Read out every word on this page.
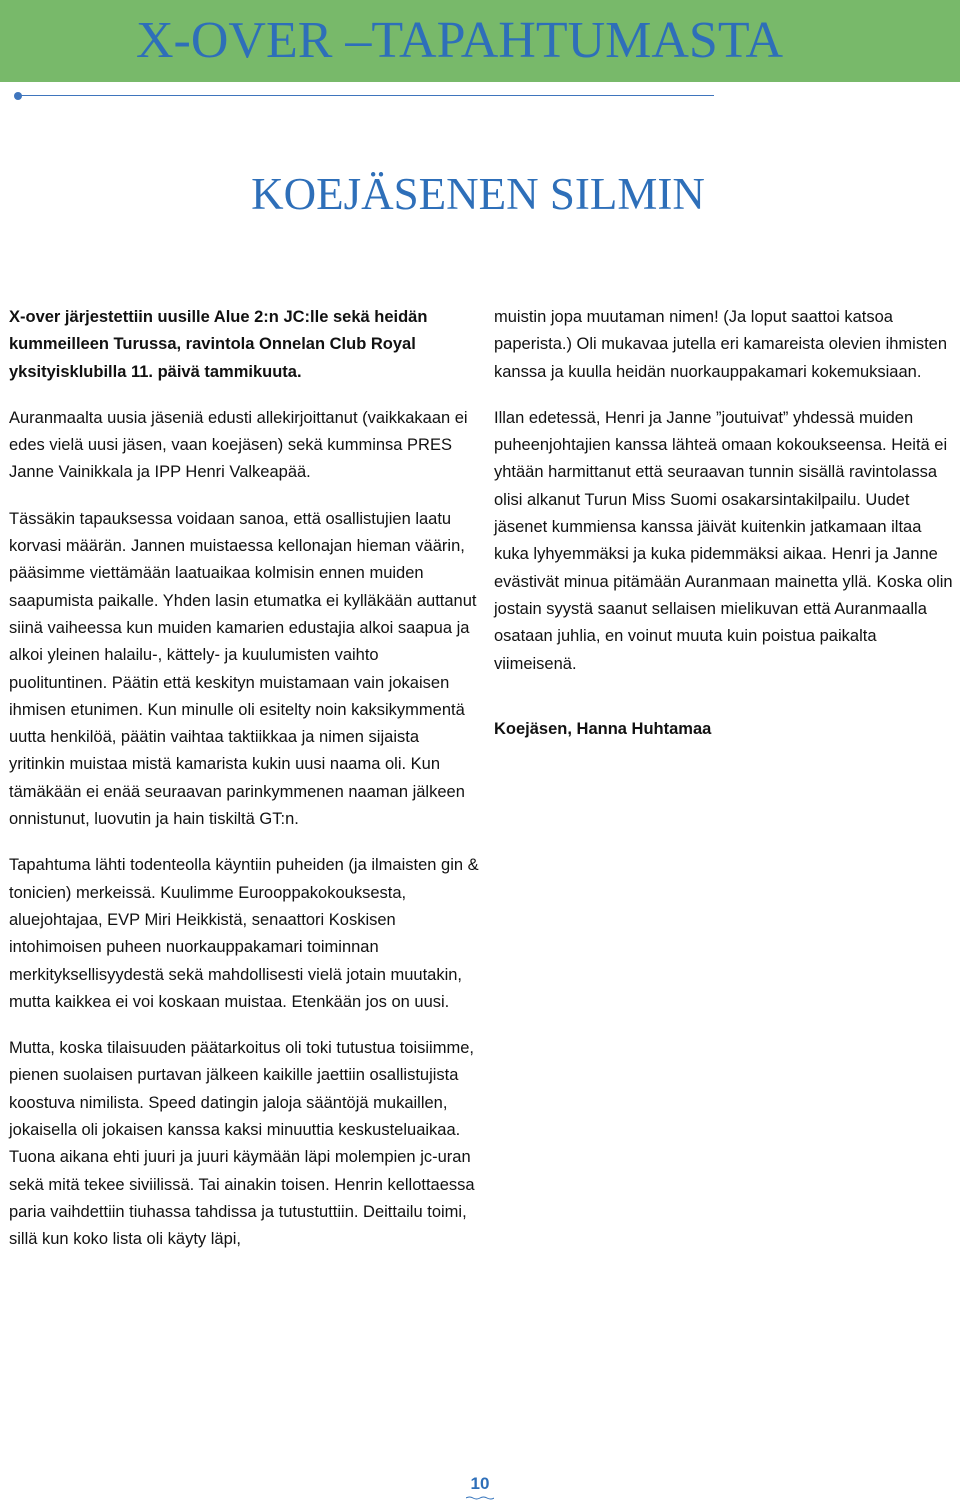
X-OVER –TAPAHTUMASTA
KOEJÄSENEN SILMIN

X-over järjestettiin uusille Alue 2:n JC:lle sekä heidän kummeilleen Turussa, ravintola Onnelan Club Royal yksityisklubilla 11. päivä tammikuuta.

Auranmaalta uusia jäseniä edusti allekirjoittanut (vaikkakaan ei edes vielä uusi jäsen, vaan koejäsen) sekä kumminsa PRES Janne Vainikkala ja IPP Henri Valkeapää.

Tässäkin tapauksessa voidaan sanoa, että osallistujien laatu korvasi määrän. Jannen muistaessa kellonajan hieman väärin, pääsimme viettämään laatuaikaa kolmisin ennen muiden saapumista paikalle. Yhden lasin etumatka ei kylläkään auttanut siinä vaiheessa kun muiden kamarien edustajia alkoi saapua ja alkoi yleinen halailu-, kättely- ja kuulumisten vaihto puolituntinen. Päätin että keskityn muistamaan vain jokaisen ihmisen etunimen. Kun minulle oli esitelty noin kaksikymmentä uutta henkilöä, päätin vaihtaa taktiikkaa ja nimen sijaista yritinkin muistaa mistä kamarista kukin uusi naama oli. Kun tämäkään ei enää seuraavan parinkymmenen naaman jälkeen onnistunut, luovutin ja hain tiskiltä GT:n.

Tapahtuma lähti todenteolla käyntiin puheiden (ja ilmaisten gin & tonicien) merkeissä. Kuulimme Eurooppakokouksesta, aluejohtajaa, EVP Miri Heikkistä, senaattori Koskisen intohimoisen puheen nuorkauppakamari toiminnan merkityksellisyydestä sekä mahdollisesti vielä jotain muutakin, mutta kaikkea ei voi koskaan muistaa. Etenkään jos on uusi.

Mutta, koska tilaisuuden päätarkoitus oli toki tutustua toisiimme, pienen suolaisen purtavan jälkeen kaikille jaettiin osallistujista koostuva nimilista. Speed datingin jaloja sääntöjä mukaillen, jokaisella oli jokaisen kanssa kaksi minuuttia keskusteluaikaa. Tuona aikana ehti juuri ja juuri käymään läpi molempien jc-uran sekä mitä tekee siviilissä. Tai ainakin toisen. Henrin kellottaessa paria vaihdettiin tiuhassa tahdissa ja tutustuttiin. Deittailu toimi, sillä kun koko lista oli käyty läpi,

muistin jopa muutaman nimen! (Ja loput saattoi katsoa paperista.) Oli mukavaa jutella eri kamareista olevien ihmisten kanssa ja kuulla heidän nuorkauppakamari kokemuksiaan.

Illan edetessä, Henri ja Janne ”joutuivat” yhdessä muiden puheenjohtajien kanssa lähteä omaan kokoukseensa. Heitä ei yhtään harmittanut että seuraavan tunnin sisällä ravintolassa olisi alkanut Turun Miss Suomi osakarsintakilpailu. Uudet jäsenet kummiensa kanssa jäivät kuitenkin jatkamaan iltaa kuka lyhyemmäksi ja kuka pidemmäksi aikaa. Henri ja Janne evästivät minua pitämään Auranmaan mainetta yllä. Koska olin jostain syystä saanut sellaisen mielikuvan että Auranmaalla osataan juhlia, en voinut muuta kuin poistua paikalta viimeisenä.

Koejäsen, Hanna Huhtamaa

10
